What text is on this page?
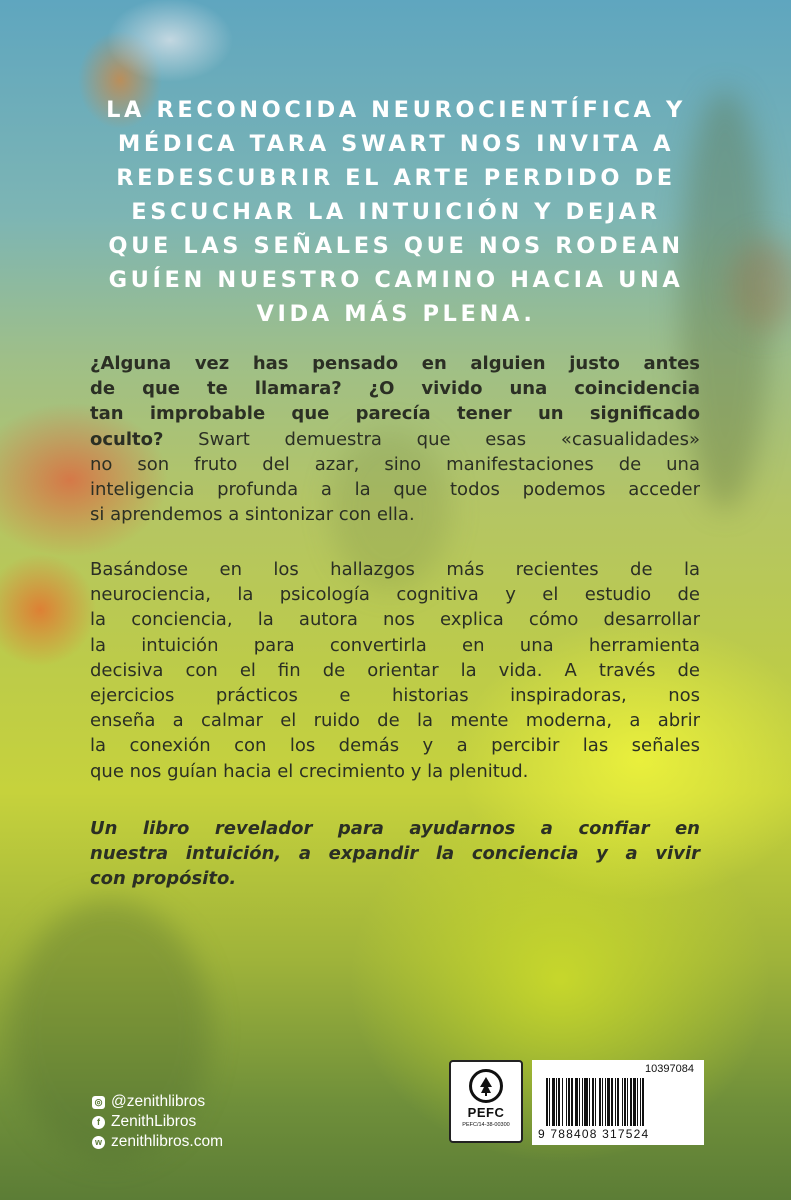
LA RECONOCIDA NEUROCIENTÍFICA Y
MÉDICA TARA SWART NOS INVITA A
REDESCUBRIR EL ARTE PERDIDO DE
ESCUCHAR LA INTUICIÓN Y DEJAR
QUE LAS SEÑALES QUE NOS RODEAN
GUÍEN NUESTRO CAMINO HACIA UNA
VIDA MÁS PLENA.
¿Alguna vez has pensado en alguien justo antes
de que te llamara? ¿O vivido una coincidencia
tan improbable que parecía tener un significado
oculto? Swart demuestra que esas «casualidades»
no son fruto del azar, sino manifestaciones de una
inteligencia profunda a la que todos podemos acceder
si aprendemos a sintonizar con ella.
Basándose en los hallazgos más recientes de la
neurociencia, la psicología cognitiva y el estudio de
la conciencia, la autora nos explica cómo desarrollar
la intuición para convertirla en una herramienta
decisiva con el fin de orientar la vida. A través de
ejercicios prácticos e historias inspiradoras, nos
enseña a calmar el ruido de la mente moderna, a abrir
la conexión con los demás y a percibir las señales
que nos guían hacia el crecimiento y la plenitud.
Un libro revelador para ayudarnos a confiar en
nuestra intuición, a expandir la conciencia y a vivir
con propósito.
◎ @zenithlibros
f ZenithLibros
w zenithlibros.com
PEFC
PEFC/14-38-00300
10397084
9 788408 317524
